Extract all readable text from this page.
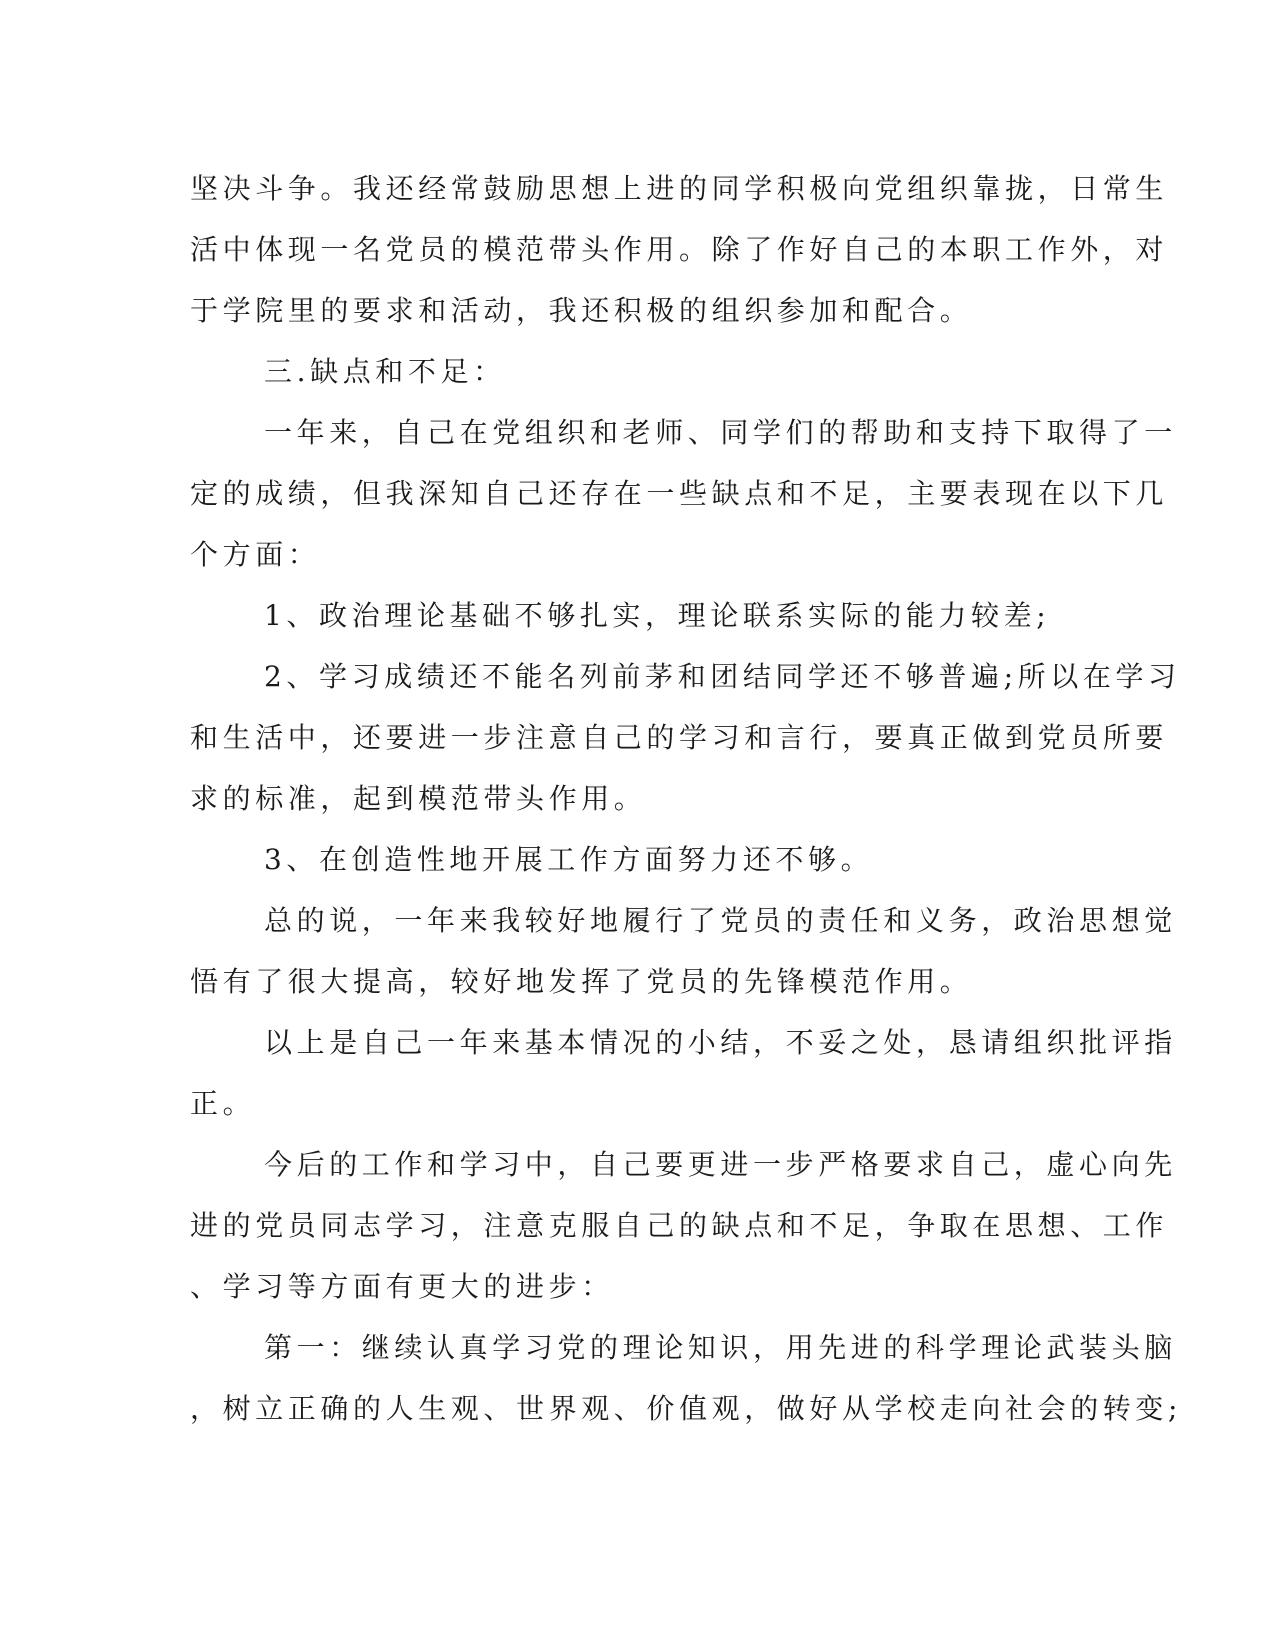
坚决斗争。我还经常鼓励思想上进的同学积极向党组织靠拢，日常生
活中体现一名党员的模范带头作用。除了作好自己的本职工作外，对
于学院里的要求和活动，我还积极的组织参加和配合。
三.缺点和不足：
一年来，自己在党组织和老师、同学们的帮助和支持下取得了一
定的成绩，但我深知自己还存在一些缺点和不足，主要表现在以下几
个方面：
1、政治理论基础不够扎实，理论联系实际的能力较差;
2、学习成绩还不能名列前茅和团结同学还不够普遍;所以在学习
和生活中，还要进一步注意自己的学习和言行，要真正做到党员所要
求的标准，起到模范带头作用。
3、在创造性地开展工作方面努力还不够。
总的说，一年来我较好地履行了党员的责任和义务，政治思想觉
悟有了很大提高，较好地发挥了党员的先锋模范作用。
以上是自己一年来基本情况的小结，不妥之处，恳请组织批评指
正。
今后的工作和学习中，自己要更进一步严格要求自己，虚心向先
进的党员同志学习，注意克服自己的缺点和不足，争取在思想、工作
、学习等方面有更大的进步：
第一：继续认真学习党的理论知识，用先进的科学理论武装头脑
，树立正确的人生观、世界观、价值观，做好从学校走向社会的转变;
